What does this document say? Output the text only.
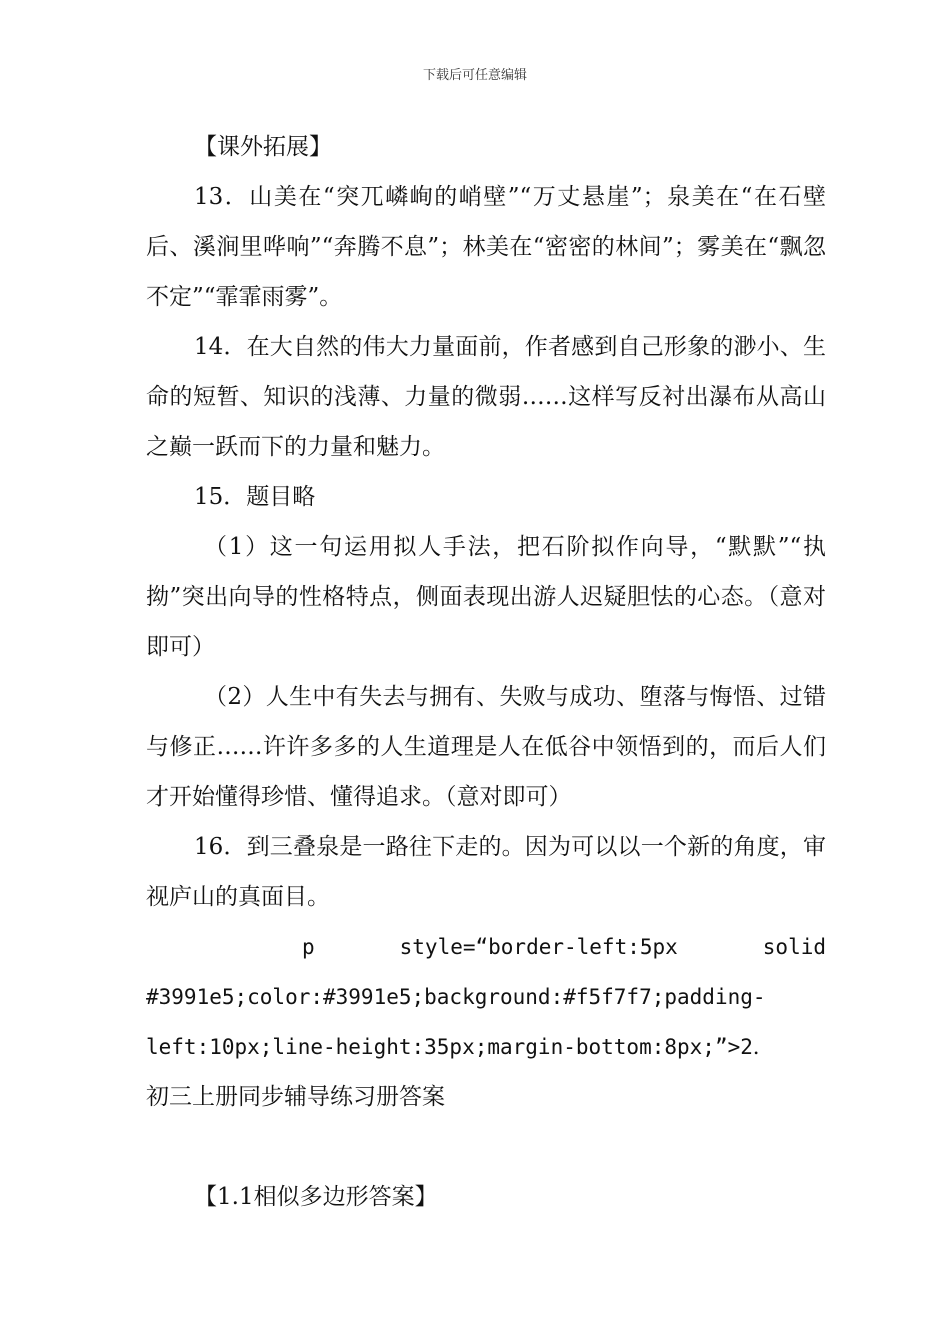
下载后可任意编辑

【课外拓展】

13．山美在“突兀嶙峋的峭壁”“万丈悬崖”；泉美在“在石壁后、溪涧里哗响”“奔腾不息”；林美在“密密的林间”；雾美在“飘忽不定”“霏霏雨雾”。

14．在大自然的伟大力量面前，作者感到自己形象的渺小、生命的短暂、知识的浅薄、力量的微弱……这样写反衬出瀑布从高山之巅一跃而下的力量和魅力。

15．题目略

（1）这一句运用拟人手法，把石阶拟作向导，“默默”“执拗”突出向导的性格特点，侧面表现出游人迟疑胆怯的心态。（意对即可）

（2）人生中有失去与拥有、失败与成功、堕落与悔悟、过错与修正……许许多多的人生道理是人在低谷中领悟到的，而后人们才开始懂得珍惜、懂得追求。（意对即可）

16．到三叠泉是一路往下走的。因为可以以一个新的角度，审视庐山的真面目。

p style=“border-left:5px solid #3991e5;color:#3991e5;background:#f5f7f7;padding-left:10px;line-height:35px;margin-bottom:8px;”>2．

初三上册同步辅导练习册答案

【1.1相似多边形答案】
